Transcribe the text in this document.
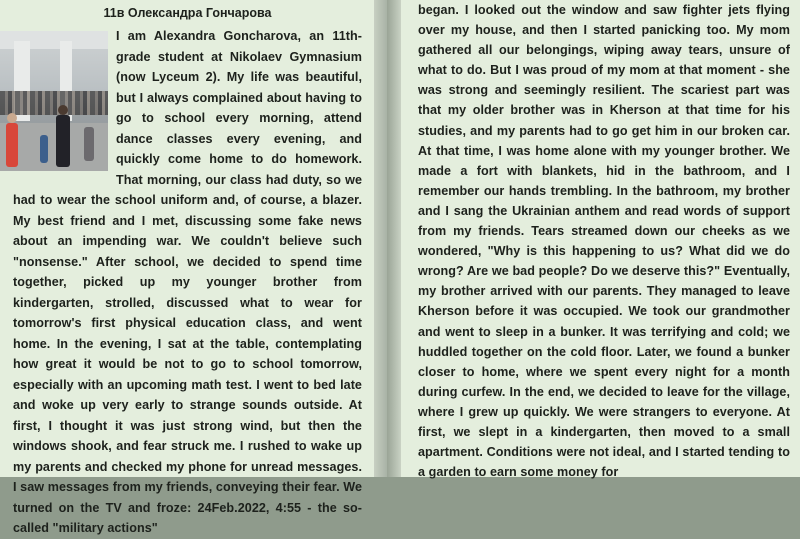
11в Олександра Гончарова

I am Alexandra Goncharova, an 11th-grade student at Nikolaev Gymnasium (now Lyceum 2). My life was beautiful, but I always complained about having to go to school every morning, attend dance classes every evening, and quickly come home to do homework. That morning, our class had duty, so we had to wear the school uniform and, of course, a blazer. My best friend and I met, discussing some fake news about an impending war. We couldn't believe such "nonsense." After school, we decided to spend time together, picked up my younger brother from kindergarten, strolled, discussed what to wear for tomorrow's first physical education class, and went home. In the evening, I sat at the table, contemplating how great it would be not to go to school tomorrow, especially with an upcoming math test. I went to bed late and woke up very early to strange sounds outside. At first, I thought it was just strong wind, but then the windows shook, and fear struck me. I rushed to wake up my parents and checked my phone for unread messages. I saw messages from my friends, conveying their fear. We turned on the TV and froze: 24Feb.2022, 4:55 - the so-called "military actions"

began. I looked out the window and saw fighter jets flying over my house, and then I started panicking too. My mom gathered all our belongings, wiping away tears, unsure of what to do. But I was proud of my mom at that moment - she was strong and seemingly resilient. The scariest part was that my older brother was in Kherson at that time for his studies, and my parents had to go get him in our broken car. At that time, I was home alone with my younger brother. We made a fort with blankets, hid in the bathroom, and I remember our hands trembling. In the bathroom, my brother and I sang the Ukrainian anthem and read words of support from my friends. Tears streamed down our cheeks as we wondered, "Why is this happening to us? What did we do wrong? Are we bad people? Do we deserve this?" Eventually, my brother arrived with our parents. They managed to leave Kherson before it was occupied. We took our grandmother and went to sleep in a bunker. It was terrifying and cold; we huddled together on the cold floor. Later, we found a bunker closer to home, where we spent every night for a month during curfew. In the end, we decided to leave for the village, where I grew up quickly. We were strangers to everyone. At first, we slept in a kindergarten, then moved to a small apartment. Conditions were not ideal, and I started tending to a garden to earn some money for
